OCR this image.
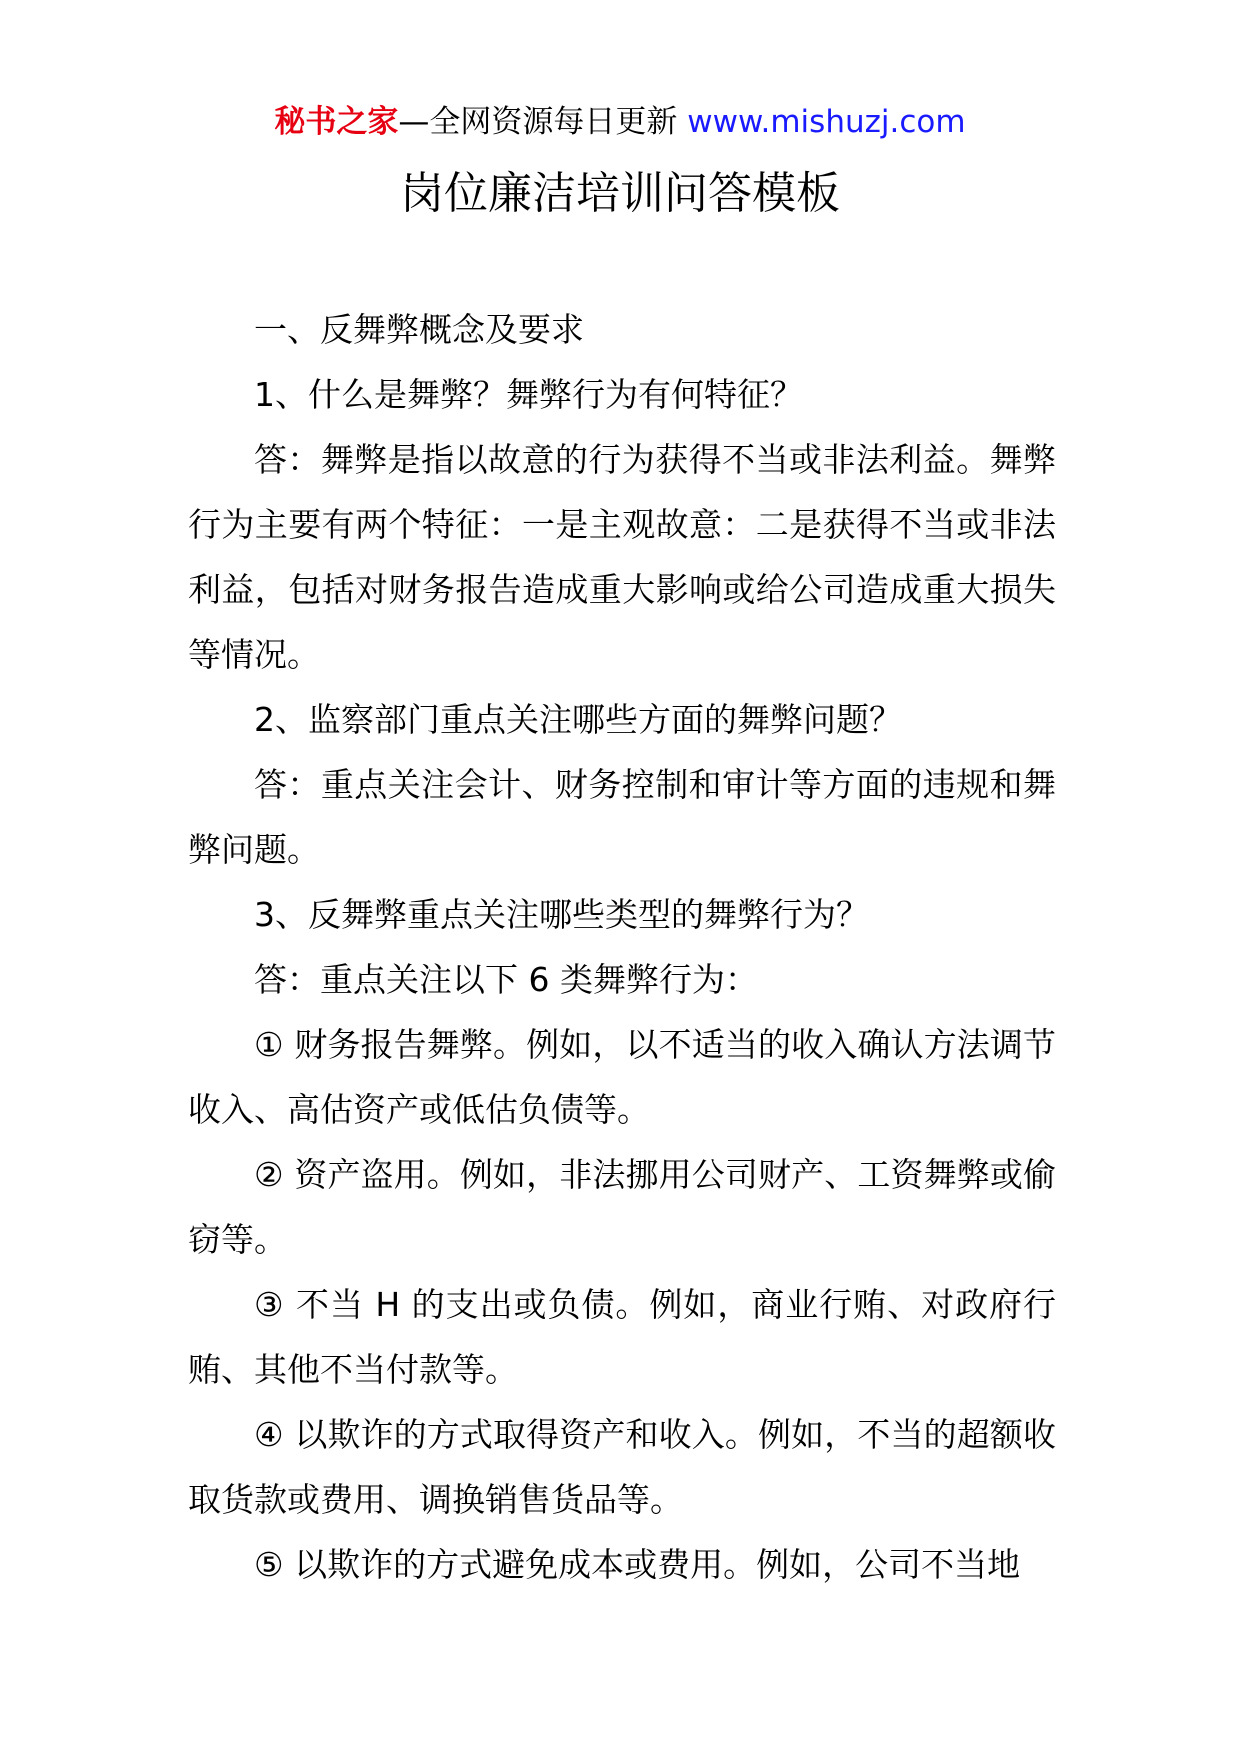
秘书之家—全网资源每日更新 www.mishuzj.com
岗位廉洁培训问答模板

一、反舞弊概念及要求

1、什么是舞弊？舞弊行为有何特征？

答：舞弊是指以故意的行为获得不当或非法利益。舞弊行为主要有两个特征：一是主观故意：二是获得不当或非法利益，包括对财务报告造成重大影响或给公司造成重大损失等情况。

2、监察部门重点关注哪些方面的舞弊问题？

答：重点关注会计、财务控制和审计等方面的违规和舞弊问题。

3、反舞弊重点关注哪些类型的舞弊行为？

答：重点关注以下 6 类舞弊行为：

① 财务报告舞弊。例如，以不适当的收入确认方法调节收入、高估资产或低估负债等。

② 资产盗用。例如，非法挪用公司财产、工资舞弊或偷窃等。

③ 不当 H 的支出或负债。例如，商业行贿、对政府行贿、其他不当付款等。

④ 以欺诈的方式取得资产和收入。例如，不当的超额收取货款或费用、调换销售货品等。

⑤ 以欺诈的方式避免成本或费用。例如，公司不当地
